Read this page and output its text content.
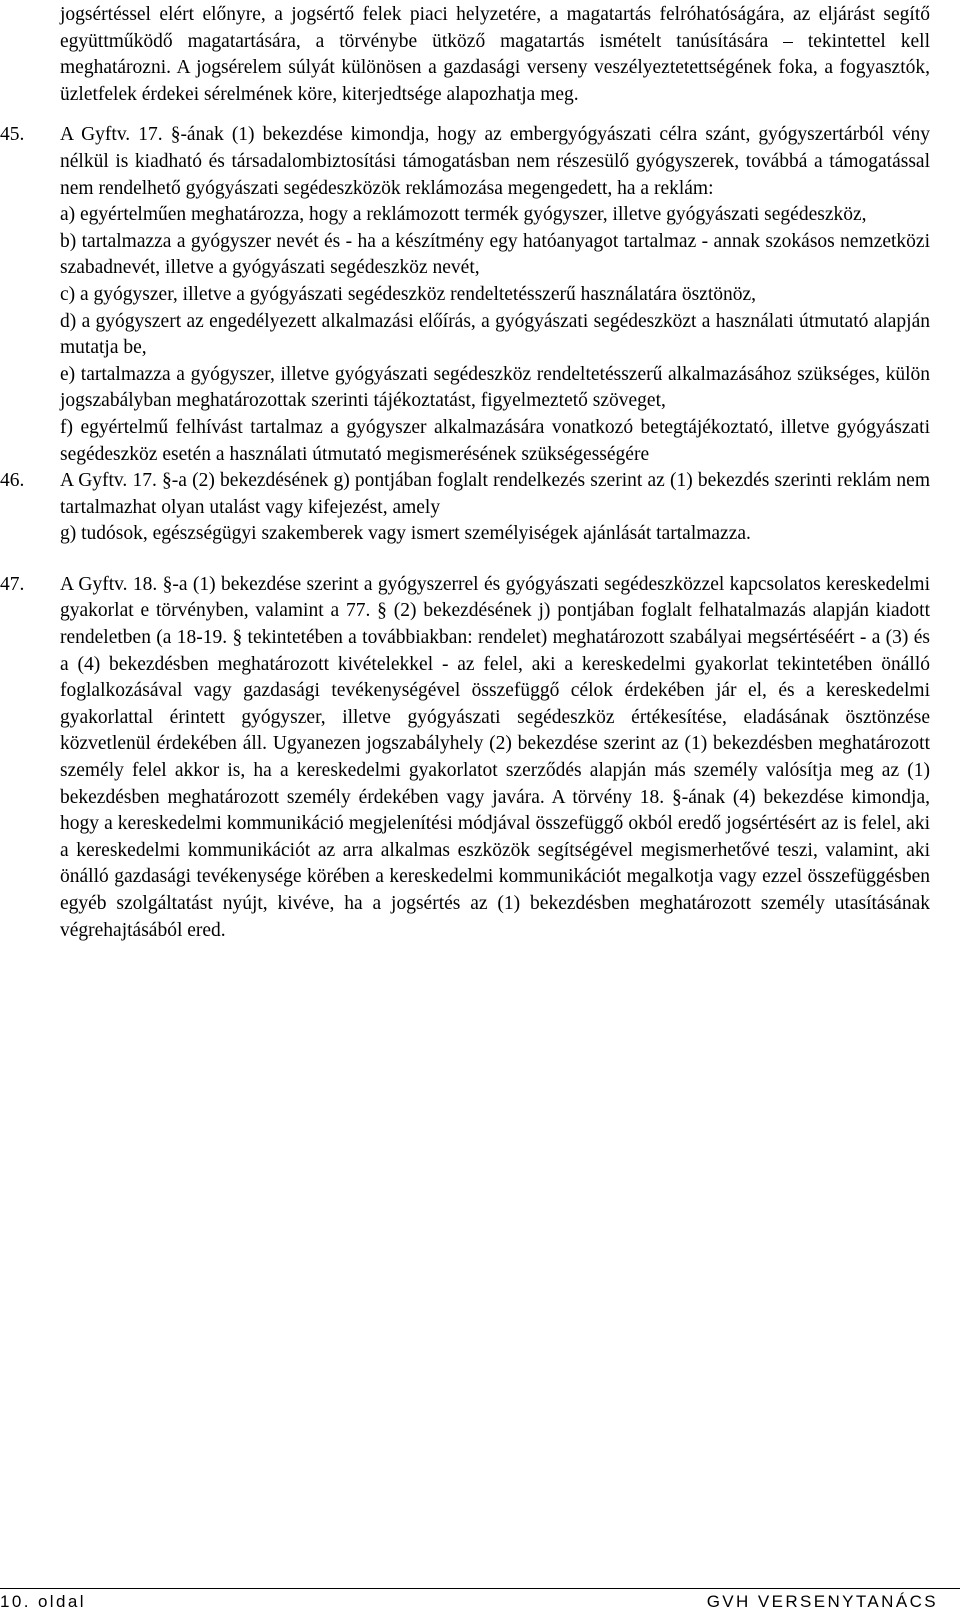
jogsértéssel elért előnyre, a jogsértő felek piaci helyzetére, a magatartás felróhatóságára, az eljárást segítő együttműködő magatartására, a törvénybe ütköző magatartás ismételt tanúsítására – tekintettel kell meghatározni. A jogsérelem súlyát különösen a gazdasági verseny veszélyeztetettségének foka, a fogyasztók, üzletfelek érdekei sérelmének köre, kiterjedtsége alapozhatja meg.

45. A Gyftv. 17. §-ának (1) bekezdése kimondja, hogy az embergyógyászati célra szánt, gyógyszertárból vény nélkül is kiadható és társadalombiztosítási támogatásban nem részesülő gyógyszerek, továbbá a támogatással nem rendelhető gyógyászati segédeszközök reklámozása megengedett, ha a reklám:

a) egyértelműen meghatározza, hogy a reklámozott termék gyógyszer, illetve gyógyászati segédeszköz,

b) tartalmazza a gyógyszer nevét és - ha a készítmény egy hatóanyagot tartalmaz - annak szokásos nemzetközi szabadnevét, illetve a gyógyászati segédeszköz nevét,

c) a gyógyszer, illetve a gyógyászati segédeszköz rendeltetésszerű használatára ösztönöz,

d) a gyógyszert az engedélyezett alkalmazási előírás, a gyógyászati segédeszközt a használati útmutató alapján mutatja be,

e) tartalmazza a gyógyszer, illetve gyógyászati segédeszköz rendeltetésszerű alkalmazásához szükséges, külön jogszabályban meghatározottak szerinti tájékoztatást, figyelmeztető szöveget,

f) egyértelmű felhívást tartalmaz a gyógyszer alkalmazására vonatkozó betegtájékoztató, illetve gyógyászati segédeszköz esetén a használati útmutató megismerésének szükségességére

46. A Gyftv. 17. §-a (2) bekezdésének g) pontjában foglalt rendelkezés szerint az (1) bekezdés szerinti reklám nem tartalmazhat olyan utalást vagy kifejezést, amely

g) tudósok, egészségügyi szakemberek vagy ismert személyiségek ajánlását tartalmazza.

47. A Gyftv. 18. §-a (1) bekezdése szerint a gyógyszerrel és gyógyászati segédeszközzel kapcsolatos kereskedelmi gyakorlat e törvényben, valamint a 77. § (2) bekezdésének j) pontjában foglalt felhatalmazás alapján kiadott rendeletben (a 18-19. § tekintetében a továbbiakban: rendelet) meghatározott szabályai megsértéséért - a (3) és a (4) bekezdésben meghatározott kivételekkel - az felel, aki a kereskedelmi gyakorlat tekintetében önálló foglalkozásával vagy gazdasági tevékenységével összefüggő célok érdekében jár el, és a kereskedelmi gyakorlattal érintett gyógyszer, illetve gyógyászati segédeszköz értékesítése, eladásának ösztönzése közvetlenül érdekében áll. Ugyanezen jogszabályhely (2) bekezdése szerint az (1) bekezdésben meghatározott személy felel akkor is, ha a kereskedelmi gyakorlatot szerződés alapján más személy valósítja meg az (1) bekezdésben meghatározott személy érdekében vagy javára. A törvény 18. §-ának (4) bekezdése kimondja, hogy a kereskedelmi kommunikáció megjelenítési módjával összefüggő okból eredő jogsértésért az is felel, aki a kereskedelmi kommunikációt az arra alkalmas eszközök segítségével megismerhetővé teszi, valamint, aki önálló gazdasági tevékenysége körében a kereskedelmi kommunikációt megalkotja vagy ezzel összefüggésben egyéb szolgáltatást nyújt, kivéve, ha a jogsértés az (1) bekezdésben meghatározott személy utasításának végrehajtásából ered.

10. oldal	GVH VERSENYTANÁCS
